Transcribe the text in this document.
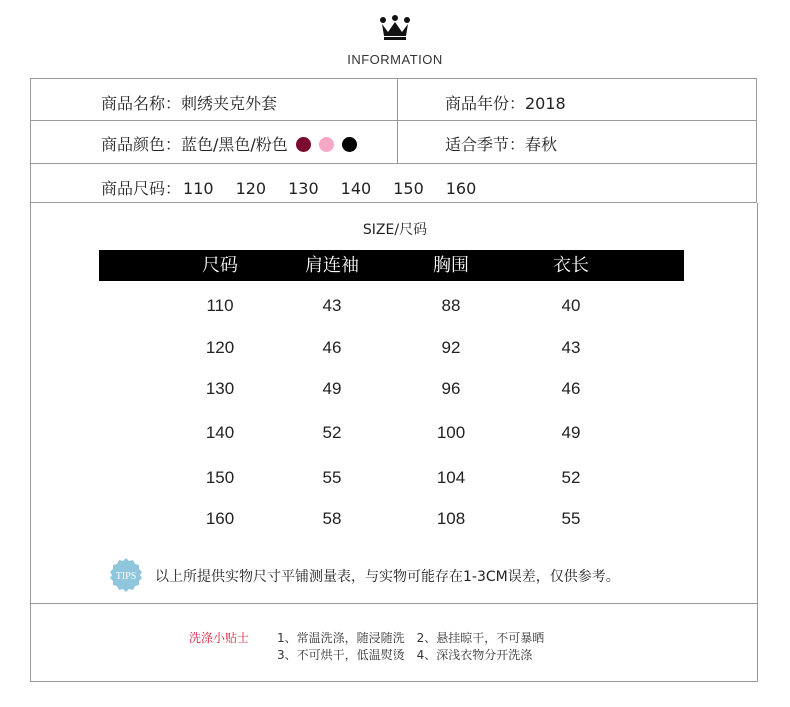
INFORMATION
商品名称：刺绣夹克外套	商品年份：2018
商品颜色：蓝色/黑色/粉色	适合季节：春秋
商品尺码： 110 120 130 140 150 160
SIZE/尺码
尺码	肩连袖	胸围	衣长
110	43	88	40
120	46	92	43
130	49	96	46
140	52	100	49
150	55	104	52
160	58	108	55
TIPS 以上所提供实物尺寸平铺测量表，与实物可能存在1-3CM误差，仅供参考。
洗涤小贴士 1、常温洗涤，随浸随洗　2、悬挂晾干，不可暴晒
3、不可烘干，低温熨烫　4、深浅衣物分开洗涤
